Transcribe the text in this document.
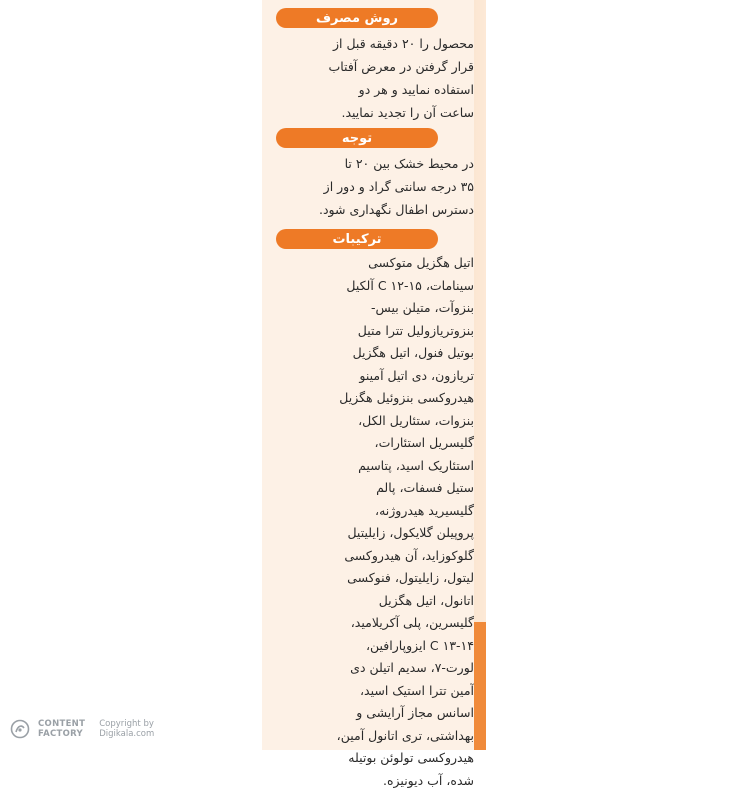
روش مصرف
محصول را ۲۰ دقیقه قبل از
قرار گرفتن در معرض آفتاب
استفاده نمایید و هر دو
ساعت آن را تجدید نمایید.
توجه
در محیط خشک بین ۲۰ تا
۳۵ درجه سانتی گراد و دور از
دسترس اطفال نگهداری شود.
ترکیبات
اتیل هگزیل متوکسی
سینامات، C ۱۲-۱۵ آلکیل
بنزوآت، متیلن بیس-
بنزوتریازولیل تترا متیل
بوتیل فنول، اتیل هگزیل
تریازون، دی اتیل آمینو
هیدروکسی بنزوئیل هگزیل
بنزوات، ستئاریل الکل،
گلیسریل استئارات،
استئاریک اسید، پتاسیم
ستیل فسفات، پالم
گلیسیرید هیدروژنه،
پروپیلن گلایکول، زایلیتیل
گلوکوزاید، آن هیدروکسی
لیتول، زایلیتول، فنوکسی
اتانول، اتیل هگزیل
گلیسرین، پلی آکریلامید،
C ۱۳-۱۴ ایزوپارافین،
لورت-۷، سدیم اتیلن دی
آمین تترا استیک اسید،
اسانس مجاز آرایشی و
بهداشتی، تری اتانول آمین،
هیدروکسی تولوئن بوتیله
شده، آب دیونیزه.
CONTENT
FACTORY
Copyright by
Digikala.com
